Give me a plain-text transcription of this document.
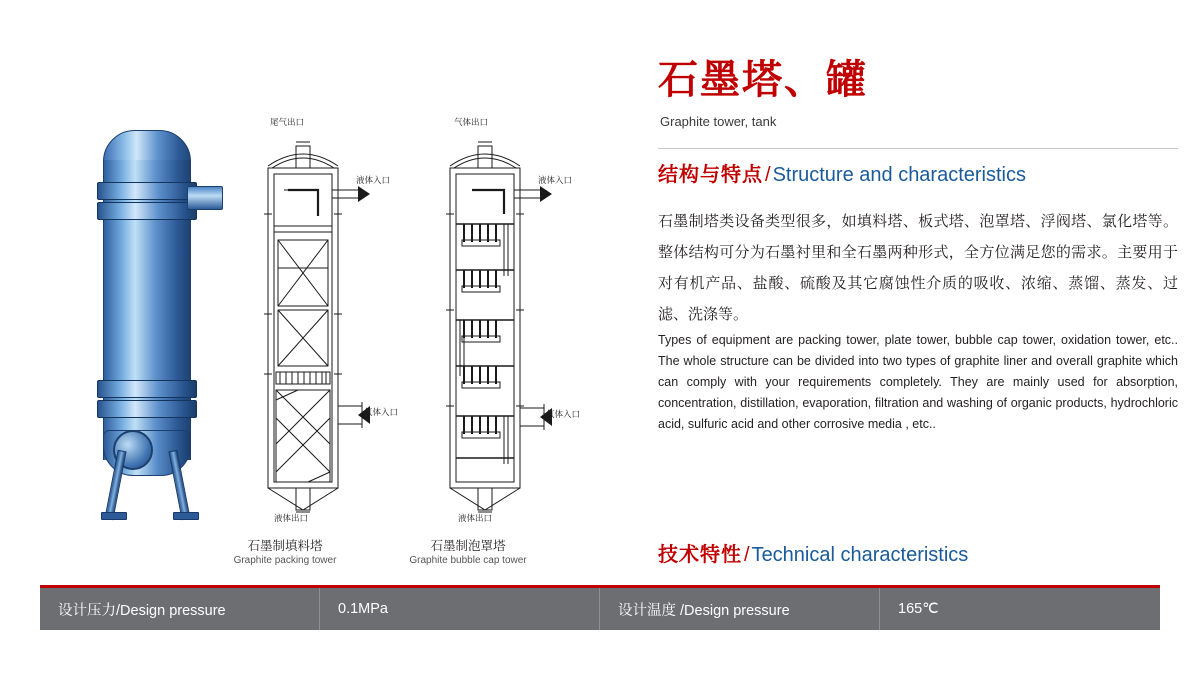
尾气出口
液体入口
气体入口
液体出口
气体出口
液体入口
气体入口
液体出口
石墨制填料塔
Graphite packing tower
石墨制泡罩塔
Graphite bubble cap tower
石墨塔、罐
Graphite tower, tank
结构与特点 / Structure and characteristics
石墨制塔类设备类型很多，如填料塔、板式塔、泡罩塔、浮阀塔、氯化塔等。整体结构可分为石墨衬里和全石墨两种形式，全方位满足您的需求。主要用于对有机产品、盐酸、硫酸及其它腐蚀性介质的吸收、浓缩、蒸馏、蒸发、过滤、洗涤等。
Types of equipment are packing tower, plate tower, bubble cap tower, oxidation tower, etc.. The whole structure can be divided into two types of graphite liner and overall graphite which can comply with your requirements completely. They are mainly used for absorption, concentration, distillation, evaporation, filtration and washing of organic products, hydrochloric acid, sulfuric acid and other corrosive media , etc..
技术特性 / Technical characteristics
设计压力/Design pressure	0.1MPa	设计温度 /Design pressure	165℃
